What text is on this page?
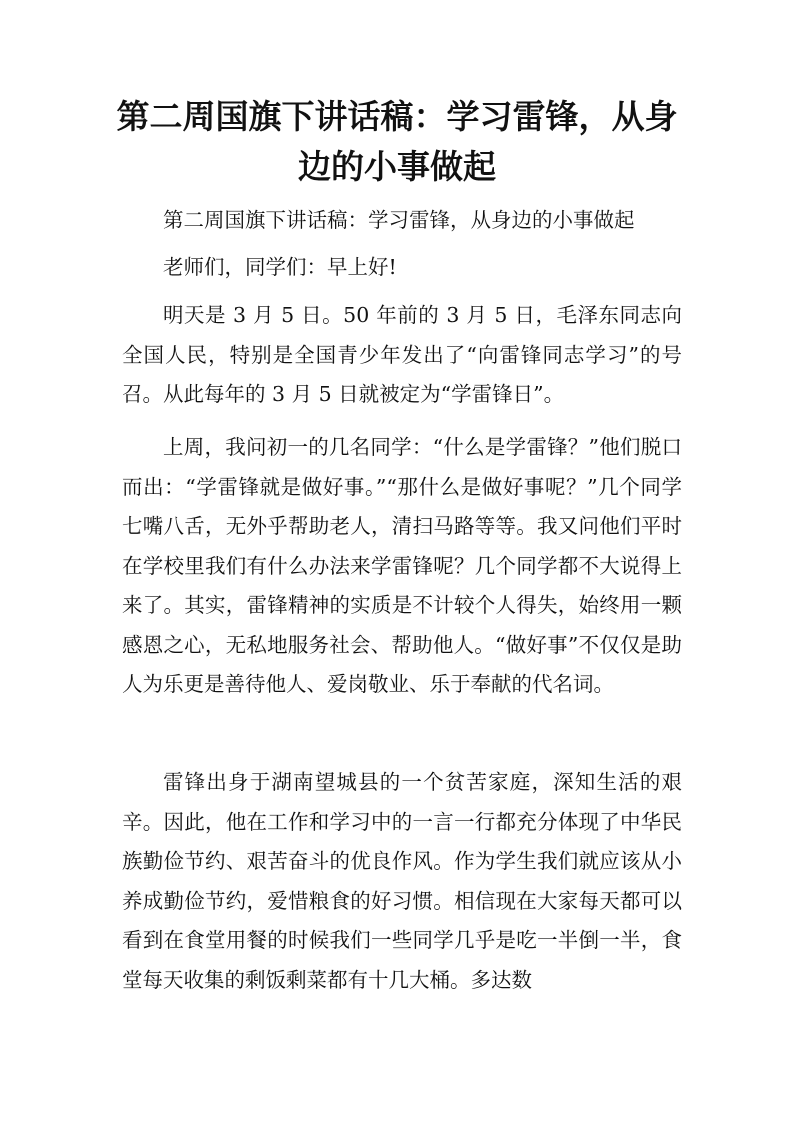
第二周国旗下讲话稿：学习雷锋，从身边的小事做起

第二周国旗下讲话稿：学习雷锋，从身边的小事做起

老师们，同学们：早上好!

明天是 3 月 5 日。50 年前的 3 月 5 日，毛泽东同志向全国人民，特别是全国青少年发出了“向雷锋同志学习”的号召。从此每年的 3 月 5 日就被定为“学雷锋日”。

上周，我问初一的几名同学：“什么是学雷锋？”他们脱口而出：“学雷锋就是做好事。”“那什么是做好事呢？”几个同学七嘴八舌，无外乎帮助老人，清扫马路等等。我又问他们平时在学校里我们有什么办法来学雷锋呢？几个同学都不大说得上来了。其实，雷锋精神的实质是不计较个人得失，始终用一颗感恩之心，无私地服务社会、帮助他人。“做好事”不仅仅是助人为乐更是善待他人、爱岗敬业、乐于奉献的代名词。

雷锋出身于湖南望城县的一个贫苦家庭，深知生活的艰辛。因此，他在工作和学习中的一言一行都充分体现了中华民族勤俭节约、艰苦奋斗的优良作风。作为学生我们就应该从小养成勤俭节约，爱惜粮食的好习惯。相信现在大家每天都可以看到在食堂用餐的时候我们一些同学几乎是吃一半倒一半，食堂每天收集的剩饭剩菜都有十几大桶。多达数
